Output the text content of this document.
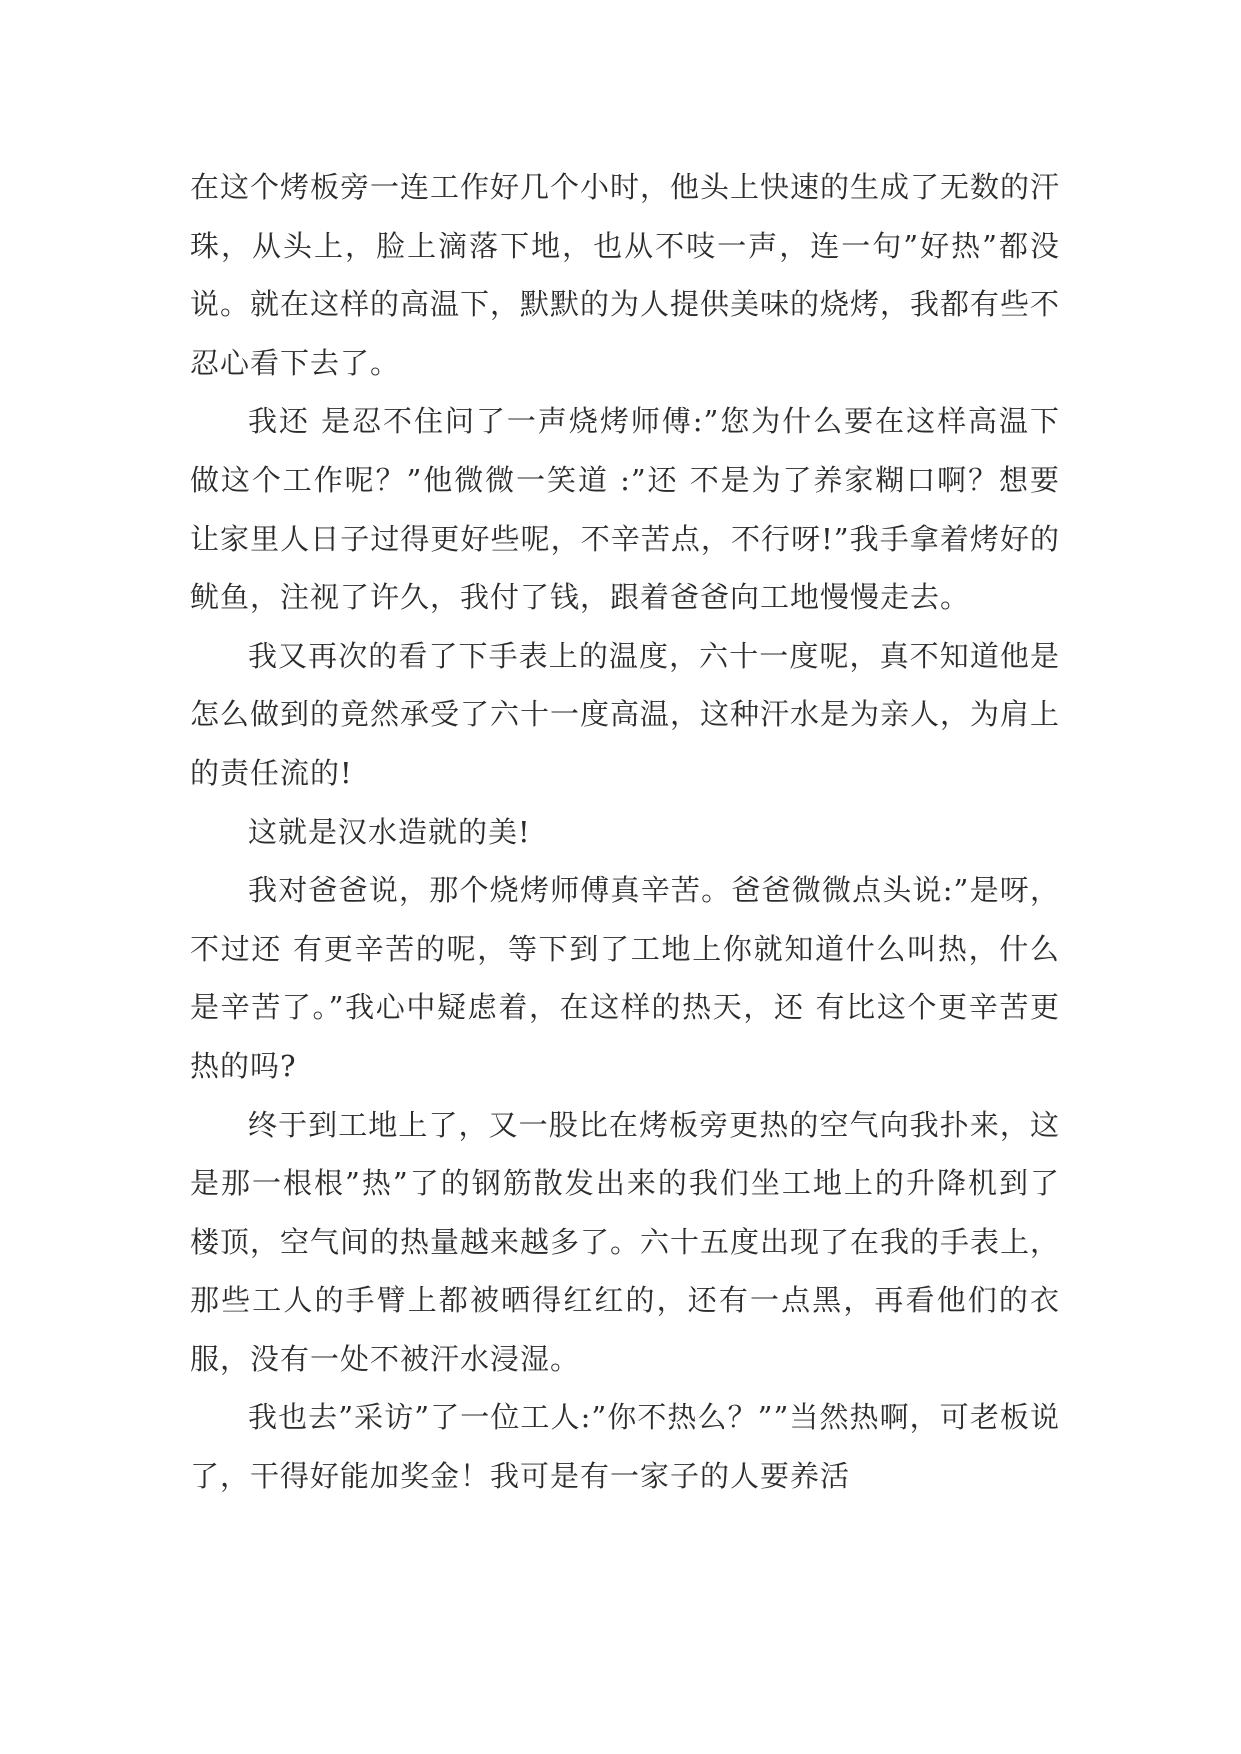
在这个烤板旁一连工作好几个小时，他头上快速的生成了无数的汗珠，从头上，脸上滴落下地，也从不吱一声，连一句”好热”都没说。就在这样的高温下，默默的为人提供美味的烧烤，我都有些不忍心看下去了。

我还 是忍不住问了一声烧烤师傅:”您为什么要在这样高温下做这个工作呢？”他微微一笑道 :”还 不是为了养家糊口啊？想要让家里人日子过得更好些呢，不辛苦点，不行呀!”我手拿着烤好的鱿鱼，注视了许久，我付了钱，跟着爸爸向工地慢慢走去。

我又再次的看了下手表上的温度，六十一度呢，真不知道他是怎么做到的竟然承受了六十一度高温，这种汗水是为亲人，为肩上的责任流的!

这就是汉水造就的美!

我对爸爸说，那个烧烤师傅真辛苦。爸爸微微点头说:”是呀，不过还 有更辛苦的呢，等下到了工地上你就知道什么叫热，什么是辛苦了。”我心中疑虑着，在这样的热天，还 有比这个更辛苦更热的吗?

终于到工地上了，又一股比在烤板旁更热的空气向我扑来，这是那一根根”热”了的钢筋散发出来的我们坐工地上的升降机到了楼顶，空气间的热量越来越多了。六十五度出现了在我的手表上，那些工人的手臂上都被晒得红红的，还有一点黑，再看他们的衣服，没有一处不被汗水浸湿。

我也去”采访”了一位工人:”你不热么？””当然热啊，可老板说了，干得好能加奖金！我可是有一家子的人要养活
